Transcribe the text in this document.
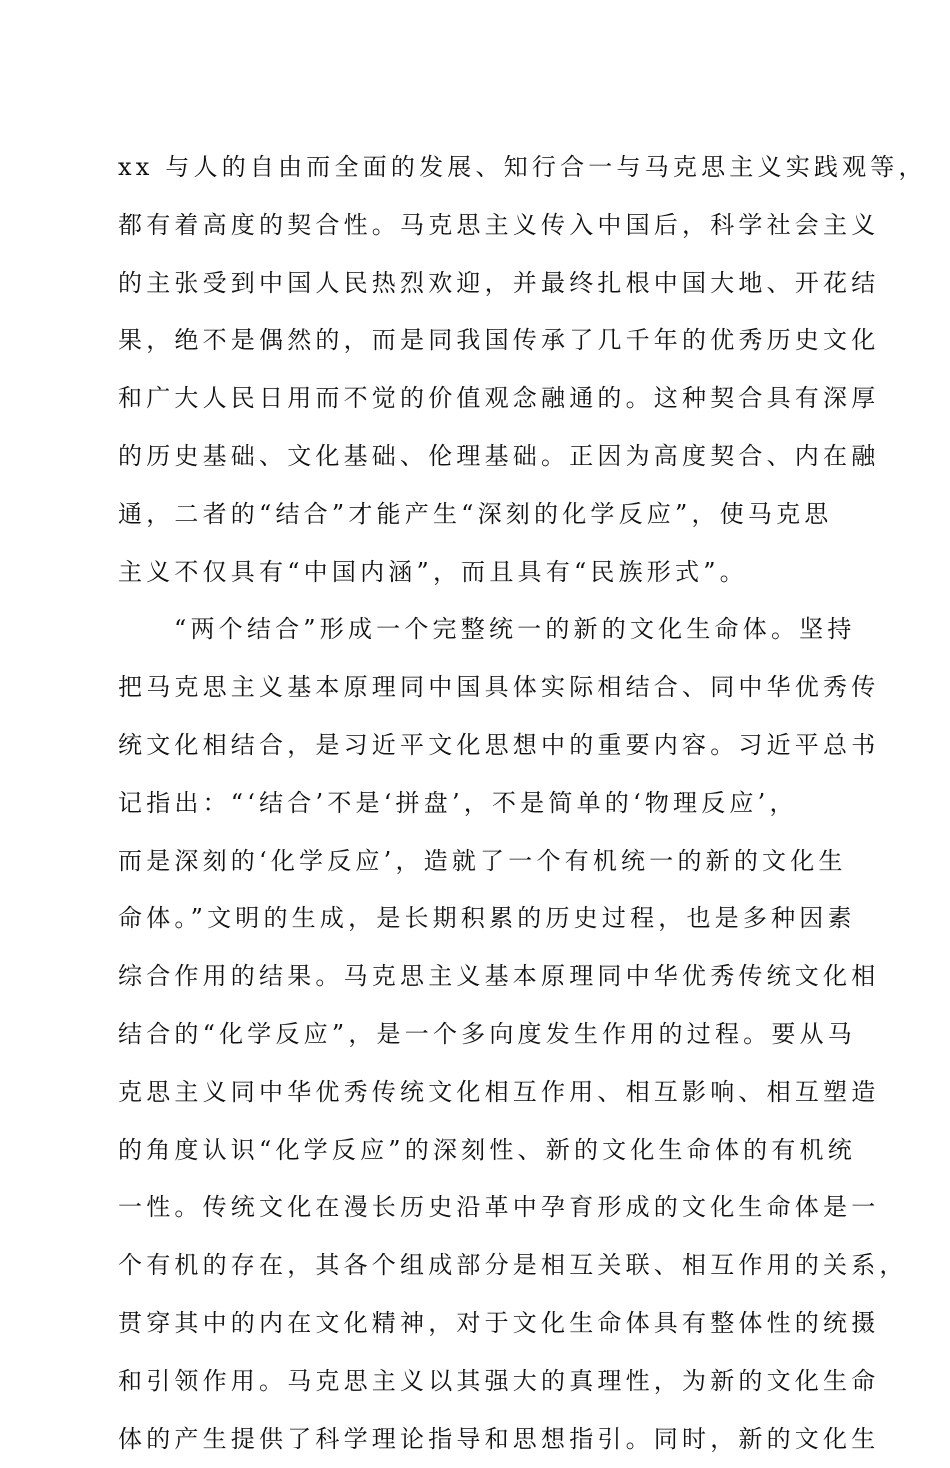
xx 与人的自由而全面的发展、知行合一与马克思主义实践观等，
都有着高度的契合性。马克思主义传入中国后，科学社会主义
的主张受到中国人民热烈欢迎，并最终扎根中国大地、开花结
果，绝不是偶然的，而是同我国传承了几千年的优秀历史文化
和广大人民日用而不觉的价值观念融通的。这种契合具有深厚
的历史基础、文化基础、伦理基础。正因为高度契合、内在融
通，二者的“结合”才能产生“深刻的化学反应”，使马克思
主义不仅具有“中国内涵”，而且具有“民族形式”。
“两个结合”形成一个完整统一的新的文化生命体。坚持
把马克思主义基本原理同中国具体实际相结合、同中华优秀传
统文化相结合，是习近平文化思想中的重要内容。习近平总书
记指出：“‘结合’不是‘拼盘’，不是简单的‘物理反应’，
而是深刻的‘化学反应’，造就了一个有机统一的新的文化生
命体。”文明的生成，是长期积累的历史过程，也是多种因素
综合作用的结果。马克思主义基本原理同中华优秀传统文化相
结合的“化学反应”，是一个多向度发生作用的过程。要从马
克思主义同中华优秀传统文化相互作用、相互影响、相互塑造
的角度认识“化学反应”的深刻性、新的文化生命体的有机统
一性。传统文化在漫长历史沿革中孕育形成的文化生命体是一
个有机的存在，其各个组成部分是相互关联、相互作用的关系，
贯穿其中的内在文化精神，对于文化生命体具有整体性的统摄
和引领作用。马克思主义以其强大的真理性，为新的文化生命
体的产生提供了科学理论指导和思想指引。同时，新的文化生
